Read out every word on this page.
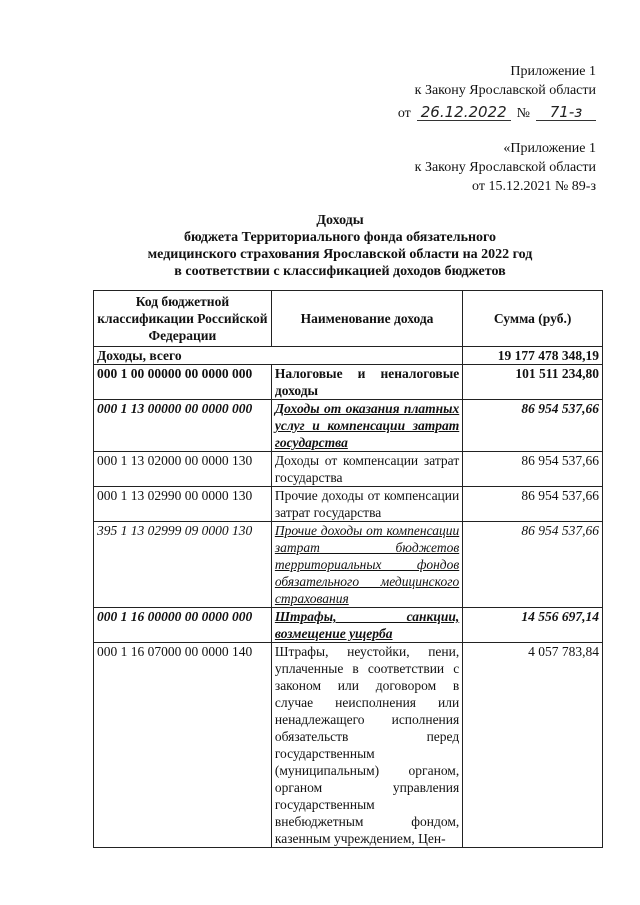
Приложение 1
к Закону Ярославской области
от 26.12.2022 №	71-з
«Приложение 1
к Закону Ярославской области
от 15.12.2021 № 89-з
Доходы
бюджета Территориального фонда обязательного
медицинского страхования Ярославской области на 2022 год
в соответствии с классификацией доходов бюджетов
Код бюджетной классификации Российской Федерации	Наименование дохода	Сумма (руб.)
Доходы, всего		19 177 478 348,19
000 1 00 00000 00 0000 000	Налоговые и неналоговые доходы	101 511 234,80
000 1 13 00000 00 0000 000	Доходы от оказания платных услуг и компенсации затрат государства	86 954 537,66
000 1 13 02000 00 0000 130	Доходы от компенсации затрат государства	86 954 537,66
000 1 13 02990 00 0000 130	Прочие доходы от компенсации затрат государства	86 954 537,66
395 1 13 02999 09 0000 130	Прочие доходы от компенсации затрат бюджетов территориальных фондов обязательного медицинского страхования	86 954 537,66
000 1 16 00000 00 0000 000	Штрафы, санкции, возмещение ущерба	14 556 697,14
000 1 16 07000 00 0000 140	Штрафы, неустойки, пени, уплаченные в соответствии с законом или договором в случае неисполнения или ненадлежащего исполнения обязательств перед государственным (муниципальным) органом, органом управления государственным внебюджетным фондом, казенным учреждением, Цен-	4 057 783,84
